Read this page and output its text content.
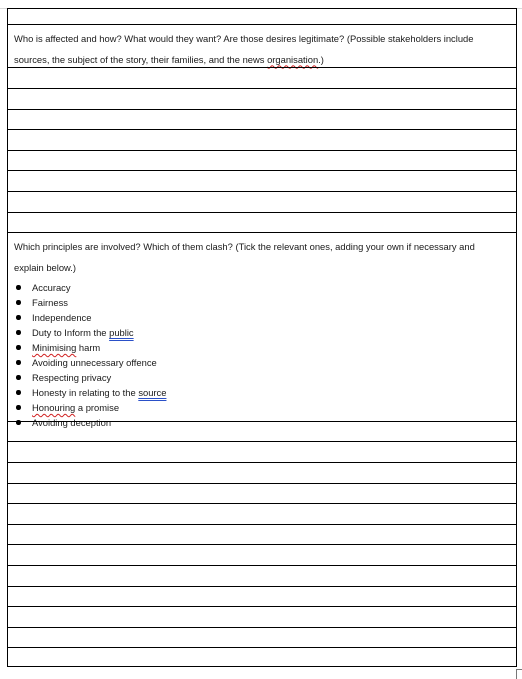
Who is affected and how? What would they want? Are those desires legitimate? (Possible stakeholders include

sources, the subject of the story, their families, and the news organisation.)

Which principles are involved? Which of them clash? (Tick the relevant ones, adding your own if necessary and

explain below.)

Accuracy
Fairness
Independence
Duty to Inform the public
Minimising harm
Avoiding unnecessary offence
Respecting privacy
Honesty in relating to the source
Honouring a promise
Avoiding deception
